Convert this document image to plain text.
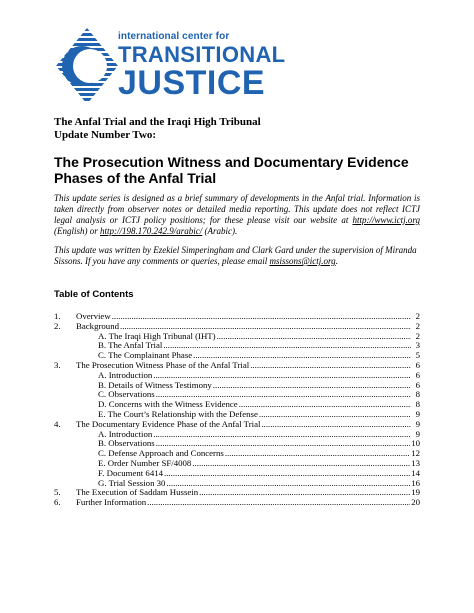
international center for
TRANSITIONAL
JUSTICE
The Anfal Trial and the Iraqi High Tribunal
Update Number Two:
The Prosecution Witness and Documentary Evidence Phases of the Anfal Trial
This update series is designed as a brief summary of developments in the Anfal trial. Information is taken directly from observer notes or detailed media reporting. This update does not reflect ICTJ legal analysis or ICTJ policy positions; for these please visit our website at http://www.ictj.org (English) or http://198.170.242.9/arabic/ (Arabic).
This update was written by Ezekiel Simperingham and Clark Gard under the supervision of Miranda Sissons. If you have any comments or queries, please email msissons@ictj.org.
Table of Contents
1.	Overview .....	2
2.	Background .....	2
A. The Iraqi High Tribunal (IHT) .....	2
B. The Anfal Trial .....	3
C. The Complainant Phase .....	5
3.	The Prosecution Witness Phase of the Anfal Trial .....	6
A. Introduction .....	6
B. Details of Witness Testimony .....	6
C. Observations .....	8
D. Concerns with the Witness Evidence .....	8
E. The Court’s Relationship with the Defense .....	9
4.	The Documentary Evidence Phase of the Anfal Trial .....	9
A. Introduction .....	9
B. Observations .....	10
C. Defense Approach and Concerns .....	12
E. Order Number SF/4008 .....	13
F. Document 6414 .....	14
G. Trial Session 30 .....	16
5.	The Execution of Saddam Hussein .....	19
6.	Further Information .....	20
